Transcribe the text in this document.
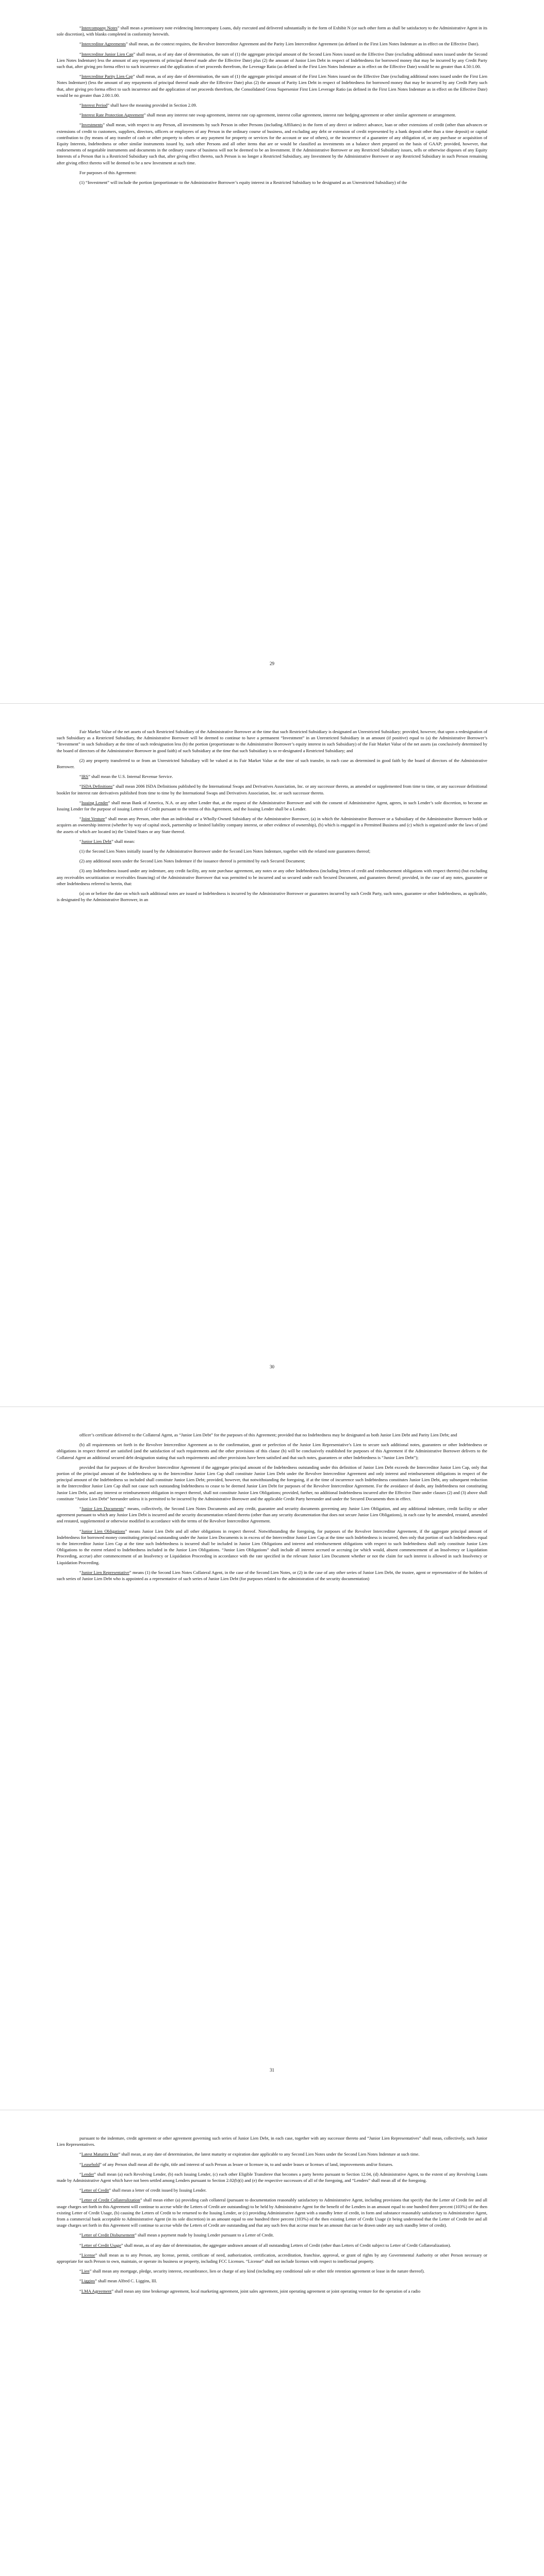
“Intercompany Notes” shall mean a promissory note evidencing Intercompany Loans, duly executed and delivered substantially in the form of Exhibit N (or such other form as shall be satisfactory to the Administrative Agent in its sole discretion), with blanks completed in conformity herewith.

“Intercreditor Agreements” shall mean, as the context requires, the Revolver Intercreditor Agreement and the Parity Lien Intercreditor Agreement (as defined in the First Lien Notes Indenture as in effect on the Effective Date).

“Intercreditor Junior Lien Cap” shall mean, as of any date of determination, the sum of (1) the aggregate principal amount of the Second Lien Notes issued on the Effective Date (excluding additional notes issued under the Second Lien Notes Indenture) less the amount of any repayments of principal thereof made after the Effective Date) plus (2) the amount of Junior Lien Debt in respect of Indebtedness for borrowed money that may be incurred by any Credit Party such that, after giving pro forma effect to such incurrence and the application of net proceeds therefrom, the Leverage Ratio (as defined in the First Lien Notes Indenture as in effect on the Effective Date) would be no greater than 4.50:1.00.

“Intercreditor Parity Lien Cap” shall mean, as of any date of determination, the sum of (1) the aggregate principal amount of the First Lien Notes issued on the Effective Date (excluding additional notes issued under the First Lien Notes Indenture) (less the amount of any repayments of principal thereof made after the Effective Date) plus (2) the amount of Parity Lien Debt in respect of Indebtedness for borrowed money that may be incurred by any Credit Party such that, after giving pro forma effect to such incurrence and the application of net proceeds therefrom, the Consolidated Gross Supersenior First Lien Leverage Ratio (as defined in the First Lien Notes Indenture as in effect on the Effective Date) would be no greater than 2.00:1.00.

“Interest Period” shall have the meaning provided in Section 2.09.

“Interest Rate Protection Agreement” shall mean any interest rate swap agreement, interest rate cap agreement, interest collar agreement, interest rate hedging agreement or other similar agreement or arrangement.

“Investments” shall mean, with respect to any Person, all investments by such Person in other Persons (including Affiliates) in the form of any direct or indirect advance, loan or other extensions of credit (other than advances or extensions of credit to customers, suppliers, directors, officers or employees of any Person in the ordinary course of business, and excluding any debt or extension of credit represented by a bank deposit other than a time deposit) or capital contribution to (by means of any transfer of cash or other property to others or any payment for property or services for the account or use of others), or the incurrence of a guarantee of any obligation of, or any purchase or acquisition of Equity Interests, Indebtedness or other similar instruments issued by, such other Persons and all other items that are or would be classified as investments on a balance sheet prepared on the basis of GAAP; provided, however, that endorsements of negotiable instruments and documents in the ordinary course of business will not be deemed to be an Investment. If the Administrative Borrower or any Restricted Subsidiary issues, sells or otherwise disposes of any Equity Interests of a Person that is a Restricted Subsidiary such that, after giving effect thereto, such Person is no longer a Restricted Subsidiary, any Investment by the Administrative Borrower or any Restricted Subsidiary in such Person remaining after giving effect thereto will be deemed to be a new Investment at such time.

For purposes of this Agreement:

(1) “Investment” will include the portion (proportionate to the Administrative Borrower’s equity interest in a Restricted Subsidiary to be designated as an Unrestricted Subsidiary) of the

29

Fair Market Value of the net assets of such Restricted Subsidiary of the Administrative Borrower at the time that such Restricted Subsidiary is designated an Unrestricted Subsidiary; provided, however, that upon a redesignation of such Subsidiary as a Restricted Subsidiary, the Administrative Borrower will be deemed to continue to have a permanent “Investment” in an Unrestricted Subsidiary in an amount (if positive) equal to (a) the Administrative Borrower’s “Investment” in such Subsidiary at the time of such redesignation less (b) the portion (proportionate to the Administrative Borrower’s equity interest in such Subsidiary) of the Fair Market Value of the net assets (as conclusively determined by the board of directors of the Administrative Borrower in good faith) of such Subsidiary at the time that such Subsidiary is so re-designated a Restricted Subsidiary; and

(2) any property transferred to or from an Unrestricted Subsidiary will be valued at its Fair Market Value at the time of such transfer, in each case as determined in good faith by the board of directors of the Administrative Borrower.

“IRS” shall mean the U.S. Internal Revenue Service.

“ISDA Definitions” shall mean 2006 ISDA Definitions published by the International Swaps and Derivatives Association, Inc. or any successor thereto, as amended or supplemented from time to time, or any successor definitional booklet for interest rate derivatives published from time to time by the International Swaps and Derivatives Association, Inc. or such successor thereto.

“Issuing Lender” shall mean Bank of America, N.A. or any other Lender that, at the request of the Administrative Borrower and with the consent of Administrative Agent, agrees, in such Lender’s sole discretion, to become an Issuing Lender for the purpose of issuing Letters of Credit pursuant to the terms of this Agreement, and the Issuing Lender shall be a Lender.

“Joint Venture” shall mean any Person, other than an individual or a Wholly-Owned Subsidiary of the Administrative Borrower, (a) in which the Administrative Borrower or a Subsidiary of the Administrative Borrower holds or acquires an ownership interest (whether by way of capital stock, partnership or limited liability company interest, or other evidence of ownership), (b) which is engaged in a Permitted Business and (c) which is organized under the laws of (and the assets of which are located in) the United States or any State thereof.

“Junior Lien Debt” shall mean:

(1) the Second Lien Notes initially issued by the Administrative Borrower under the Second Lien Notes Indenture, together with the related note guarantees thereof;

(2) any additional notes under the Second Lien Notes Indenture if the issuance thereof is permitted by each Secured Document;

(3) any Indebtedness issued under any indenture, any credit facility, any note purchase agreement, any notes or any other Indebtedness (including letters of credit and reimbursement obligations with respect thereto) (but excluding any receivables securitization or receivables financing) of the Administrative Borrower that was permitted to be incurred and so secured under each Secured Document, and guarantees thereof; provided, in the case of any notes, guarantee or other Indebtedness referred to herein, that:

(a) on or before the date on which such additional notes are issued or Indebtedness is incurred by the Administrative Borrower or guarantees incurred by such Credit Party, such notes, guarantee or other Indebtedness, as applicable, is designated by the Administrative Borrower, in an

30

officer’s certificate delivered to the Collateral Agent, as “Junior Lien Debt” for the purposes of this Agreement; provided that no Indebtedness may be designated as both Junior Lien Debt and Parity Lien Debt; and

(b) all requirements set forth in the Revolver Intercreditor Agreement as to the confirmation, grant or perfection of the Junior Lien Representative’s Lien to secure such additional notes, guarantees or other Indebtedness or obligations in respect thereof are satisfied (and the satisfaction of such requirements and the other provisions of this clause (b) will be conclusively established for purposes of this Agreement if the Administrative Borrower delivers to the Collateral Agent an additional secured debt designation stating that such requirements and other provisions have been satisfied and that such notes, guarantees or other Indebtedness is “Junior Lien Debt”);

provided that for purposes of the Revolver Intercreditor Agreement if the aggregate principal amount of the Indebtedness outstanding under this definition of Junior Lien Debt exceeds the Intercreditor Junior Lien Cap, only that portion of the principal amount of the Indebtedness up to the Intercreditor Junior Lien Cap shall constitute Junior Lien Debt under the Revolver Intercreditor Agreement and only interest and reimbursement obligations in respect of the principal amount of the Indebtedness so included shall constitute Junior Lien Debt; provided, however, that notwithstanding the foregoing, if at the time of incurrence such Indebtedness constitutes Junior Lien Debt, any subsequent reduction in the Intercreditor Junior Lien Cap shall not cause such outstanding Indebtedness to cease to be deemed Junior Lien Debt for purposes of the Revolver Intercreditor Agreement. For the avoidance of doubt, any Indebtedness not constituting Junior Lien Debt, and any interest or reimbursement obligation in respect thereof, shall not constitute Junior Lien Obligations; provided, further, no additional Indebtedness incurred after the Effective Date under clauses (2) and (3) above shall constitute “Junior Lien Debt” hereunder unless it is permitted to be incurred by the Administrative Borrower and the applicable Credit Party hereunder and under the Secured Documents then in effect.

“Junior Lien Documents” means, collectively, the Second Lien Notes Documents and any credit, guarantee and security documents governing any Junior Lien Obligation, and any additional indenture, credit facility or other agreement pursuant to which any Junior Lien Debt is incurred and the security documentation related thereto (other than any security documentation that does not secure Junior Lien Obligations), in each case by be amended, restated, amended and restated, supplemented or otherwise modified in accordance with the terms of the Revolver Intercreditor Agreement.

“Junior Lien Obligations” means Junior Lien Debt and all other obligations in respect thereof. Notwithstanding the foregoing, for purposes of the Revolver Intercreditor Agreement, if the aggregate principal amount of Indebtedness for borrowed money constituting principal outstanding under the Junior Lien Documents is in excess of the Intercreditor Junior Lien Cap at the time such Indebtedness is incurred, then only that portion of such Indebtedness equal to the Intercreditor Junior Lien Cap at the time such Indebtedness is incurred shall be included in Junior Lien Obligations and interest and reimbursement obligations with respect to such Indebtedness shall only constitute Junior Lien Obligations to the extent related to Indebtedness included in the Junior Lien Obligations. “Junior Lien Obligations” shall include all interest accrued or accruing (or which would, absent commencement of an Insolvency or Liquidation Proceeding, accrue) after commencement of an Insolvency or Liquidation Proceeding in accordance with the rate specified in the relevant Junior Lien Document whether or not the claim for such interest is allowed in such Insolvency or Liquidation Proceeding.

“Junior Lien Representative” means (1) the Second Lien Notes Collateral Agent, in the case of the Second Lien Notes, or (2) in the case of any other series of Junior Lien Debt, the trustee, agent or representative of the holders of such series of Junior Lien Debt who is appointed as a representative of such series of Junior Lien Debt (for purposes related to the administration of the security documentation)

31

pursuant to the indenture, credit agreement or other agreement governing such series of Junior Lien Debt, in each case, together with any successor thereto and “Junior Lien Representatives” shall mean, collectively, such Junior Lien Representatives.

“Latest Maturity Date” shall mean, at any date of determination, the latest maturity or expiration date applicable to any Second Lien Notes under the Second Lien Notes Indenture at such time.

“Leasehold” of any Person shall mean all the right, title and interest of such Person as lessee or licensee in, to and under leases or licenses of land, improvements and/or fixtures.

“Lender” shall mean (a) each Revolving Lender, (b) each Issuing Lender, (c) each other Eligible Transferee that becomes a party hereto pursuant to Section 12.04, (d) Administrative Agent, to the extent of any Revolving Loans made by Administrative Agent which have not been settled among Lenders pursuant to Section 2.02(b)(i) and (e) the respective successors of all of the foregoing, and “Lenders” shall mean all of the foregoing.

“Letter of Credit” shall mean a letter of credit issued by Issuing Lender.

“Letter of Credit Collateralization” shall mean either (a) providing cash collateral (pursuant to documentation reasonably satisfactory to Administrative Agent, including provisions that specify that the Letter of Credit fee and all usage charges set forth in this Agreement will continue to accrue while the Letters of Credit are outstanding) to be held by Administrative Agent for the benefit of the Lenders in an amount equal to one hundred three percent (103%) of the then existing Letter of Credit Usage, (b) causing the Letters of Credit to be returned to the Issuing Lender, or (c) providing Administrative Agent with a standby letter of credit, in form and substance reasonably satisfactory to Administrative Agent, from a commercial bank acceptable to Administrative Agent (in its sole discretion) in an amount equal to one hundred three percent (103%) of the then existing Letter of Credit Usage (it being understood that the Letter of Credit fee and all usage charges set forth in this Agreement will continue to accrue while the Letters of Credit are outstanding and that any such fees that accrue must be an amount that can be drawn under any such standby letter of credit).

“Letter of Credit Disbursement” shall mean a payment made by Issuing Lender pursuant to a Letter of Credit.

“Letter of Credit Usage” shall mean, as of any date of determination, the aggregate undrawn amount of all outstanding Letters of Credit (other than Letters of Credit subject to Letter of Credit Collateralization).

“License” shall mean as to any Person, any license, permit, certificate of need, authorization, certification, accreditation, franchise, approval, or grant of rights by any Governmental Authority or other Person necessary or appropriate for such Person to own, maintain, or operate its business or property, including FCC Licenses. “License” shall not include licenses with respect to intellectual property.

“Lien” shall mean any mortgage, pledge, security interest, encumbrance, lien or charge of any kind (including any conditional sale or other title retention agreement or lease in the nature thereof).

“Liggins” shall mean Alfred C. Liggins, III.

“LMA Agreement” shall mean any time brokerage agreement, local marketing agreement, joint sales agreement, joint operating agreement or joint operating venture for the operation of a radio
